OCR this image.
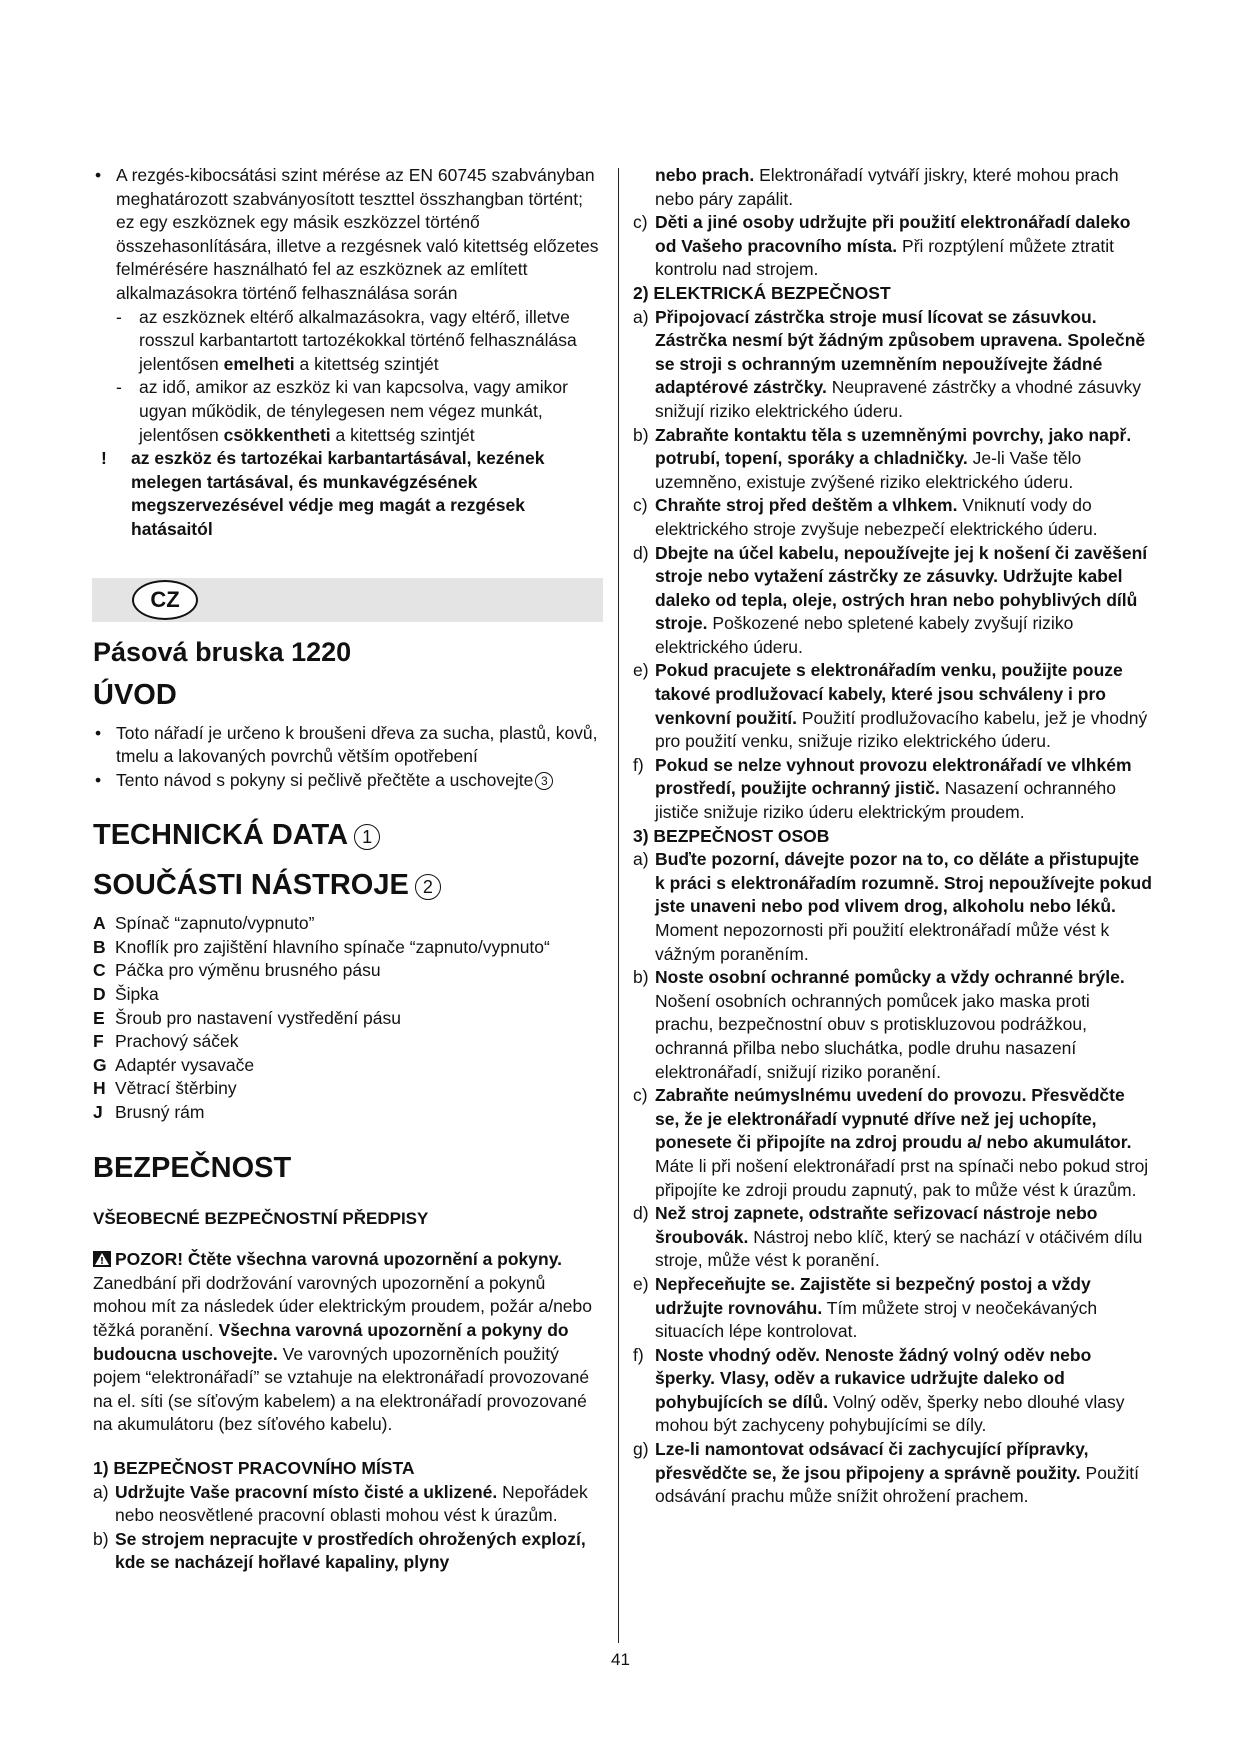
• A rezgés-kibocsátási szint mérése az EN 60745 szabványban meghatározott szabványosított teszttel összhangban történt; ez egy eszköznek egy másik eszközzel történő összehasonlítására, illetve a rezgésnek való kitettség előzetes felmérésére használható fel az eszköznek az említett alkalmazásokra történő felhasználása során
- az eszköznek eltérő alkalmazásokra, vagy eltérő, illetve rosszul karbantartott tartozékokkal történő felhasználása jelentősen emelheti a kitettség szintjét
- az idő, amikor az eszköz ki van kapcsolva, vagy amikor ugyan működik, de ténylegesen nem végez munkát, jelentősen csökkentheti a kitettség szintjét
! az eszköz és tartozékai karbantartásával, kezének melegen tartásával, és munkavégzésének megszervezésével védje meg magát a rezgések hatásaitól
CZ
Pásová bruska 1220
ÚVOD
• Toto nářadí je určeno k broušeni dřeva za sucha, plastů, kovů, tmelu a lakovaných povrchů větším opotřebení
• Tento návod s pokyny si pečlivě přečtěte a uschovejte 3
TECHNICKÁ DATA 1
SOUČÁSTI NÁSTROJE 2
A Spínač “zapnuto/vypnuto”
B Knoflík pro zajištění hlavního spínače “zapnuto/vypnuto“
C Páčka pro výměnu brusného pásu
D Šipka
E Šroub pro nastavení vystředění pásu
F Prachový sáček
G Adaptér vysavače
H Větrací štěrbiny
J Brusný rám
BEZPEČNOST
VŠEOBECNÉ BEZPEČNOSTNÍ PŘEDPISY
POZOR! Čtěte všechna varovná upozornění a pokyny. Zanedbání při dodržování varovných upozornění a pokynů mohou mít za následek úder elektrickým proudem, požár a/nebo těžká poranění. Všechna varovná upozornění a pokyny do budoucna uschovejte. Ve varovných upozorněních použitý pojem “elektronářadí” se vztahuje na elektronářadí provozované na el. síti (se síťovým kabelem) a na elektronářadí provozované na akumulátoru (bez síťového kabelu).
1) BEZPEČNOST PRACOVNÍHO MÍSTA
a) Udržujte Vaše pracovní místo čisté a uklizené. Nepořádek nebo neosvětlené pracovní oblasti mohou vést k úrazům.
b) Se strojem nepracujte v prostředích ohrožených explozí, kde se nacházejí hořlavé kapaliny, plyny
nebo prach. Elektronářadí vytváří jiskry, které mohou prach nebo páry zapálit.
c) Děti a jiné osoby udržujte při použití elektronářadí daleko od Vašeho pracovního místa. Při rozptýlení můžete ztratit kontrolu nad strojem.
2) ELEKTRICKÁ BEZPEČNOST
a) Připojovací zástrčka stroje musí lícovat se zásuvkou. Zástrčka nesmí být žádným způsobem upravena. Společně se stroji s ochranným uzemněním nepoužívejte žádné adaptérové zástrčky. Neupravené zástrčky a vhodné zásuvky snižují riziko elektrického úderu.
b) Zabraňte kontaktu těla s uzemněnými povrchy, jako např. potrubí, topení, sporáky a chladničky. Je-li Vaše tělo uzemněno, existuje zvýšené riziko elektrického úderu.
c) Chraňte stroj před deštěm a vlhkem. Vniknutí vody do elektrického stroje zvyšuje nebezpečí elektrického úderu.
d) Dbejte na účel kabelu, nepoužívejte jej k nošení či zavěšení stroje nebo vytažení zástrčky ze zásuvky. Udržujte kabel daleko od tepla, oleje, ostrých hran nebo pohyblivých dílů stroje. Poškozené nebo spletené kabely zvyšují riziko elektrického úderu.
e) Pokud pracujete s elektronářadím venku, použijte pouze takové prodlužovací kabely, které jsou schváleny i pro venkovní použití. Použití prodlužovacího kabelu, jež je vhodný pro použití venku, snižuje riziko elektrického úderu.
f) Pokud se nelze vyhnout provozu elektronářadí ve vlhkém prostředí, použijte ochranný jistič. Nasazení ochranného jističe snižuje riziko úderu elektrickým proudem.
3) BEZPEČNOST OSOB
a) Buďte pozorní, dávejte pozor na to, co děláte a přistupujte k práci s elektronářadím rozumně. Stroj nepoužívejte pokud jste unaveni nebo pod vlivem drog, alkoholu nebo léků. Moment nepozornosti při použití elektronářadí může vést k vážným poraněním.
b) Noste osobní ochranné pomůcky a vždy ochranné brýle. Nošení osobních ochranných pomůcek jako maska proti prachu, bezpečnostní obuv s protiskluzovou podrážkou, ochranná přilba nebo sluchátka, podle druhu nasazení elektronářadí, snižují riziko poranění.
c) Zabraňte neúmyslnému uvedení do provozu. Přesvědčte se, že je elektronářadí vypnuté dříve než jej uchopíte, ponesete či připojíte na zdroj proudu a/ nebo akumulátor. Máte li při nošení elektronářadí prst na spínači nebo pokud stroj připojíte ke zdroji proudu zapnutý, pak to může vést k úrazům.
d) Než stroj zapnete, odstraňte seřizovací nástroje nebo šroubovák. Nástroj nebo klíč, který se nachází v otáčivém dílu stroje, může vést k poranění.
e) Nepřeceňujte se. Zajistěte si bezpečný postoj a vždy udržujte rovnováhu. Tím můžete stroj v neočekávaných situacích lépe kontrolovat.
f) Noste vhodný oděv. Nenoste žádný volný oděv nebo šperky. Vlasy, oděv a rukavice udržujte daleko od pohybujících se dílů. Volný oděv, šperky nebo dlouhé vlasy mohou být zachyceny pohybujícími se díly.
g) Lze-li namontovat odsávací či zachycující přípravky, přesvědčte se, že jsou připojeny a správně použity. Použití odsávání prachu může snížit ohrožení prachem.
41
